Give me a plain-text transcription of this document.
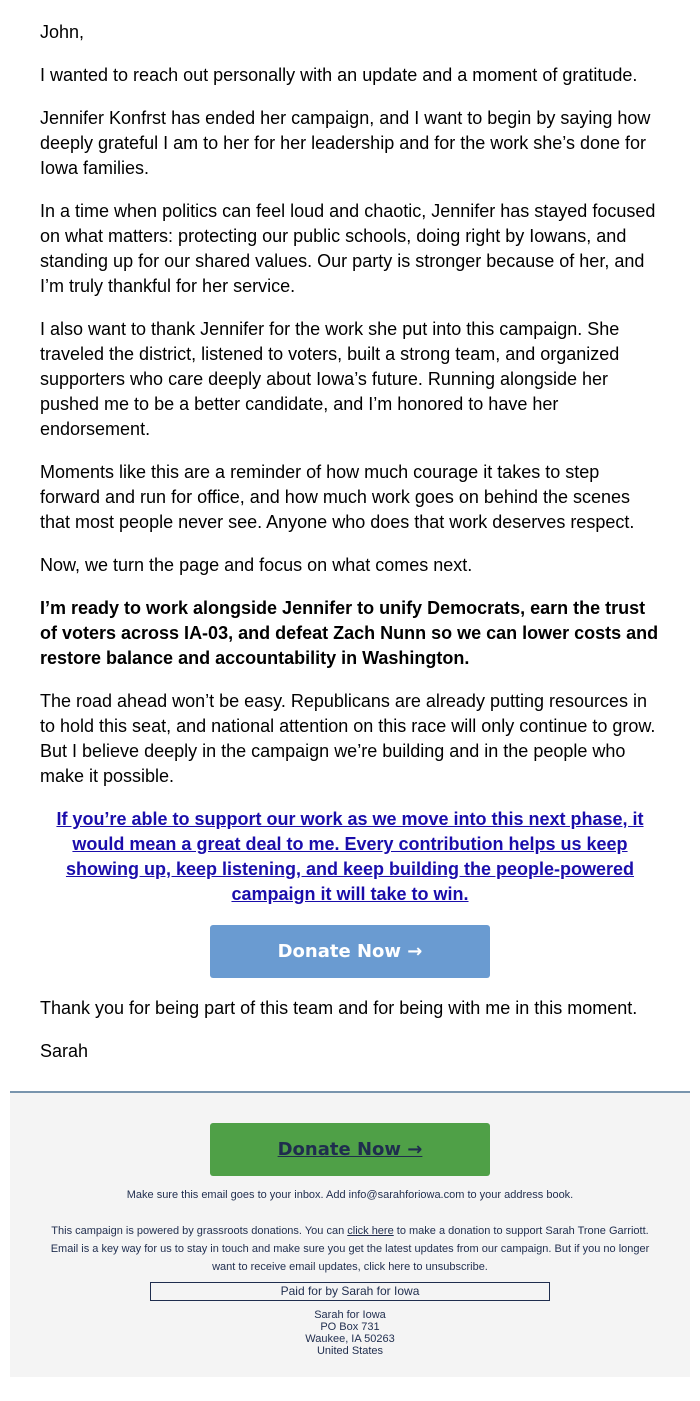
John,

I wanted to reach out personally with an update and a moment of gratitude.

Jennifer Konfrst has ended her campaign, and I want to begin by saying how deeply grateful I am to her for her leadership and for the work she’s done for Iowa families.

In a time when politics can feel loud and chaotic, Jennifer has stayed focused on what matters: protecting our public schools, doing right by Iowans, and standing up for our shared values. Our party is stronger because of her, and I’m truly thankful for her service.

I also want to thank Jennifer for the work she put into this campaign. She traveled the district, listened to voters, built a strong team, and organized supporters who care deeply about Iowa’s future. Running alongside her pushed me to be a better candidate, and I’m honored to have her endorsement.

Moments like this are a reminder of how much courage it takes to step forward and run for office, and how much work goes on behind the scenes that most people never see. Anyone who does that work deserves respect.

Now, we turn the page and focus on what comes next.

I’m ready to work alongside Jennifer to unify Democrats, earn the trust of voters across IA-03, and defeat Zach Nunn so we can lower costs and restore balance and accountability in Washington.

The road ahead won’t be easy. Republicans are already putting resources in to hold this seat, and national attention on this race will only continue to grow. But I believe deeply in the campaign we’re building and in the people who make it possible.

If you’re able to support our work as we move into this next phase, it would mean a great deal to me. Every contribution helps us keep showing up, keep listening, and keep building the people-powered campaign it will take to win.

Donate Now →

Thank you for being part of this team and for being with me in this moment.

Sarah

Donate Now →

Make sure this email goes to your inbox. Add info@sarahforiowa.com to your address book.

This campaign is powered by grassroots donations. You can click here to make a donation to support Sarah Trone Garriott. Email is a key way for us to stay in touch and make sure you get the latest updates from our campaign. But if you no longer want to receive email updates, click here to unsubscribe.

Paid for by Sarah for Iowa
Sarah for Iowa
PO Box 731
Waukee, IA 50263
United States
